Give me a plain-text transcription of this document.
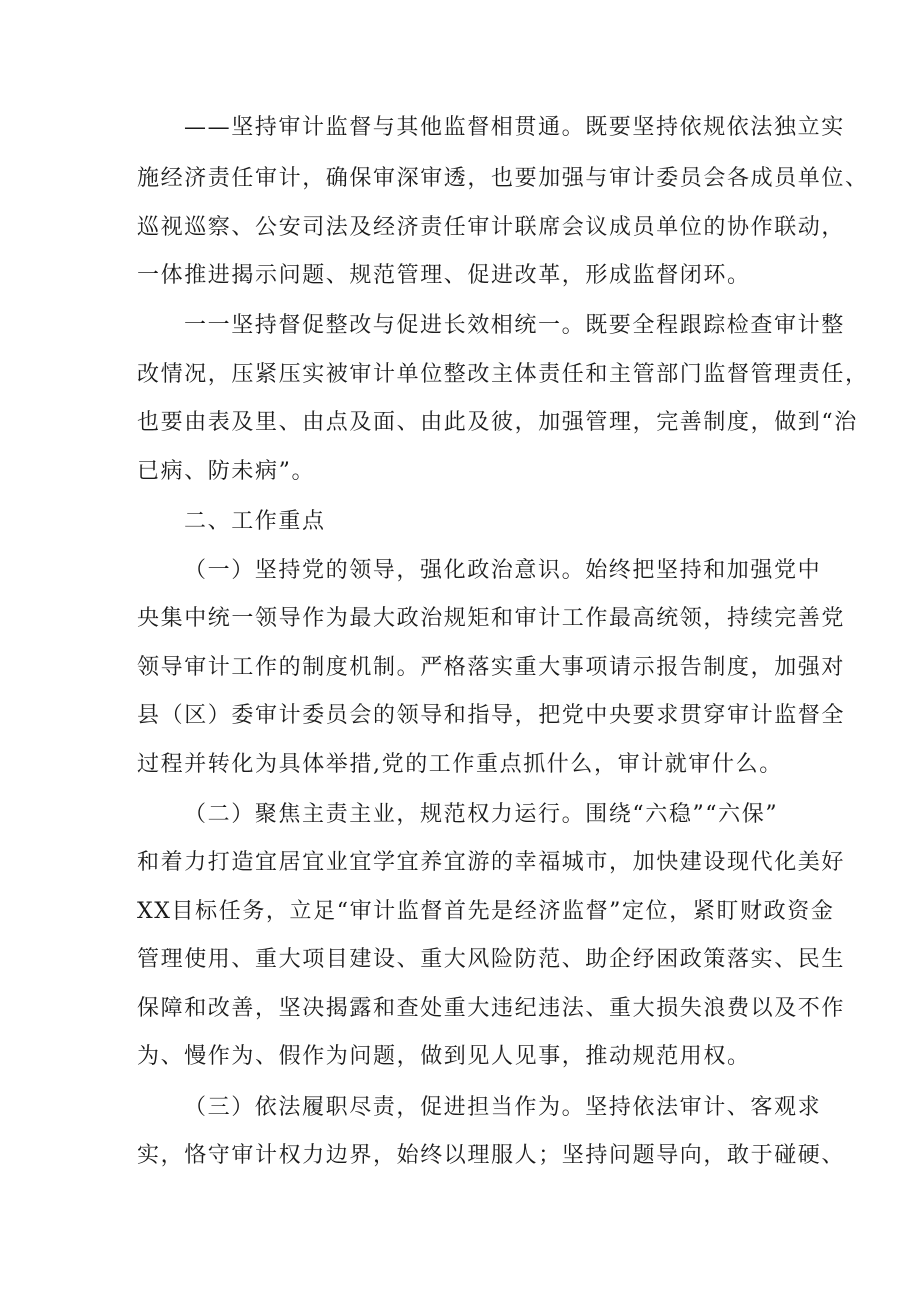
——坚持审计监督与其他监督相贯通。既要坚持依规依法独立实
施经济责任审计，确保审深审透，也要加强与审计委员会各成员单位、
巡视巡察、公安司法及经济责任审计联席会议成员单位的协作联动，
一体推进揭示问题、规范管理、促进改革，形成监督闭环。
一一坚持督促整改与促进长效相统一。既要全程跟踪检查审计整
改情况，压紧压实被审计单位整改主体责任和主管部门监督管理责任，
也要由表及里、由点及面、由此及彼，加强管理，完善制度，做到“治
已病、防未病”。
二、工作重点
（一）坚持党的领导，强化政治意识。始终把坚持和加强党中
央集中统一领导作为最大政治规矩和审计工作最高统领，持续完善党
领导审计工作的制度机制。严格落实重大事项请示报告制度，加强对
县（区）委审计委员会的领导和指导，把党中央要求贯穿审计监督全
过程并转化为具体举措,党的工作重点抓什么，审计就审什么。
（二）聚焦主责主业，规范权力运行。围绕“六稳”“六保”
和着力打造宜居宜业宜学宜养宜游的幸福城市，加快建设现代化美好
XX目标任务，立足“审计监督首先是经济监督”定位，紧盯财政资金
管理使用、重大项目建设、重大风险防范、助企纾困政策落实、民生
保障和改善，坚决揭露和查处重大违纪违法、重大损失浪费以及不作
为、慢作为、假作为问题，做到见人见事，推动规范用权。
（三）依法履职尽责，促进担当作为。坚持依法审计、客观求
实，恪守审计权力边界，始终以理服人；坚持问题导向，敢于碰硬、
